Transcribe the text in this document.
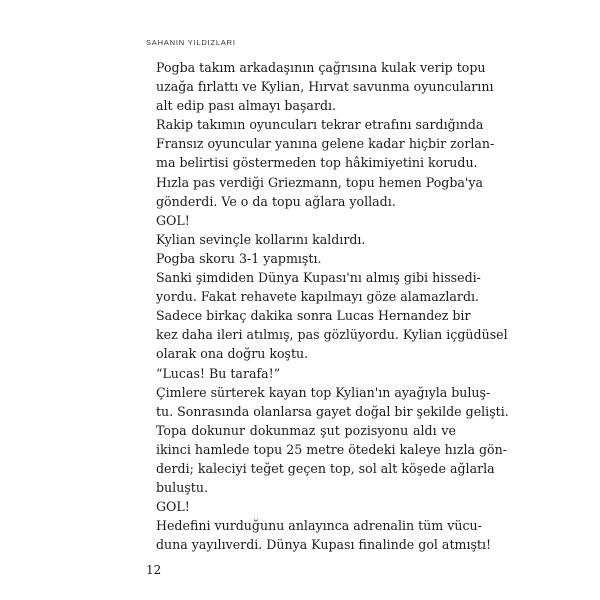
SAHANIN YILDIZLARI
Pogba takım arkadaşının çağrısına kulak verip topu
uzağa fırlattı ve Kylian, Hırvat savunma oyuncularını
alt edip pası almayı başardı.
Rakip takımın oyuncuları tekrar etrafını sardığında
Fransız oyuncular yanına gelene kadar hiçbir zorlan-
ma belirtisi göstermeden top hâkimiyetini korudu.
Hızla pas verdiği Griezmann, topu hemen Pogba'ya
gönderdi. Ve o da topu ağlara yolladı.
GOL!
Kylian sevinçle kollarını kaldırdı.
Pogba skoru 3-1 yapmıştı.
Sanki şimdiden Dünya Kupası'nı almış gibi hissedi-
yordu. Fakat rehavete kapılmayı göze alamazlardı.
Sadece birkaç dakika sonra Lucas Hernandez bir
kez daha ileri atılmış, pas gözlüyordu. Kylian içgüdüsel
olarak ona doğru koştu.
“Lucas! Bu tarafa!”
Çimlere sürterek kayan top Kylian'ın ayağıyla buluş-
tu. Sonrasında olanlarsa gayet doğal bir şekilde gelişti.
Topa dokunur dokunmaz şut pozisyonu aldı ve
ikinci hamlede topu 25 metre ötedeki kaleye hızla gön-
derdi; kaleciyi teğet geçen top, sol alt köşede ağlarla
buluştu.
GOL!
Hedefini vurduğunu anlayınca adrenalin tüm vücu-
duna yayılıverdi. Dünya Kupası finalinde gol atmıştı!
12
